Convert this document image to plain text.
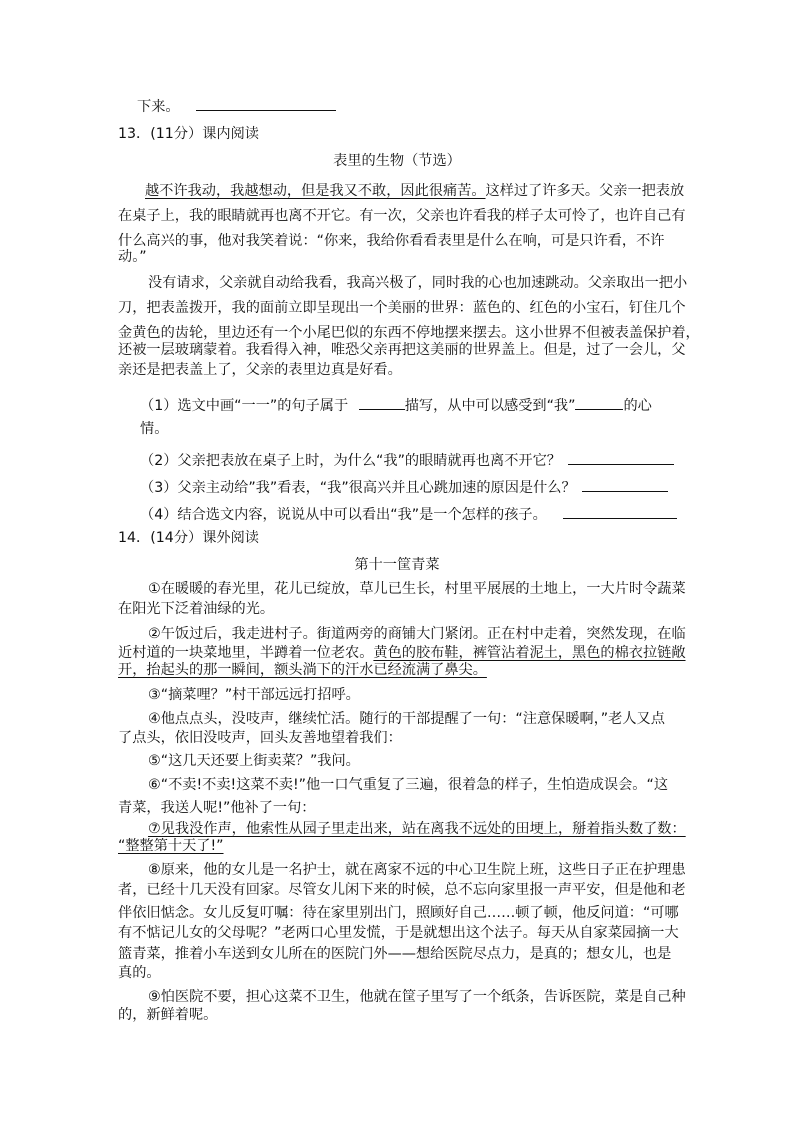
下来。
13．(11分）课内阅读
表里的生物（节选）
越不许我动，我越想动，但是我又不敢，因此很痛苦。这样过了许多天。父亲一把表放
在桌子上，我的眼睛就再也离不开它。有一次，父亲也许看我的样子太可怜了，也许自己有
什么高兴的事，他对我笑着说：“你来，我给你看看表里是什么在响，可是只许看，不许
动。”
没有请求，父亲就自动给我看，我高兴极了，同时我的心也加速跳动。父亲取出一把小
刀，把表盖拨开，我的面前立即呈现出一个美丽的世界：蓝色的、红色的小宝石，钉住几个
金黄色的齿轮，里边还有一个小尾巴似的东西不停地摆来摆去。这小世界不但被表盖保护着，
还被一层玻璃蒙着。我看得入神，唯恐父亲再把这美丽的世界盖上。但是，过了一会儿，父
亲还是把表盖上了，父亲的表里边真是好看。
（1）选文中画“一一”的句子属于	描写，从中可以感受到“我”	的心
情。
（2）父亲把表放在桌子上时，为什么“我”的眼睛就再也离不开它？
（3）父亲主动给”我”看表，“我”很高兴并且心跳加速的原因是什么？
（4）结合选文内容，说说从中可以看出“我”是一个怎样的孩子。
14．(14分）课外阅读
第十一筐青菜
①在暖暖的春光里，花儿已绽放，草儿已生长，村里平展展的土地上，一大片时令蔬菜
在阳光下泛着油绿的光。
②午饭过后，我走进村子。街道两旁的商铺大门紧闭。正在村中走着，突然发现，在临
近村道的一块菜地里，半蹲着一位老农。黄色的胶布鞋，裤管沾着泥土，黑色的棉衣拉链敞
开，抬起头的那一瞬间，额头淌下的汗水已经流满了鼻尖。
③“摘菜哩？”村干部远远打招呼。
④他点点头，没吱声，继续忙活。随行的干部提醒了一句：“注意保暖啊，”老人又点
了点头，依旧没吱声，回头友善地望着我们：
⑤“这几天还要上街卖菜？”我问。
⑥“不卖!不卖!这菜不卖!”他一口气重复了三遍，很着急的样子，生怕造成误会。“这
青菜，我送人呢!”他补了一句：
⑦见我没作声，他索性从园子里走出来，站在离我不远处的田埂上，掰着指头数了数：
“整整第十天了!”
⑧原来，他的女儿是一名护士，就在离家不远的中心卫生院上班，这些日子正在护理患
者，已经十几天没有回家。尽管女儿闲下来的时候，总不忘向家里报一声平安，但是他和老
伴依旧惦念。女儿反复叮嘱：待在家里别出门，照顾好自己……顿了顿，他反问道：“可哪
有不惦记儿女的父母呢？”老两口心里发慌，于是就想出这个法子。每天从自家菜园摘一大
篮青菜，推着小车送到女儿所在的医院门外——想给医院尽点力，是真的；想女儿，也是
真的。
⑨怕医院不要，担心这菜不卫生，他就在筐子里写了一个纸条，告诉医院，菜是自己种
的，新鲜着呢。
